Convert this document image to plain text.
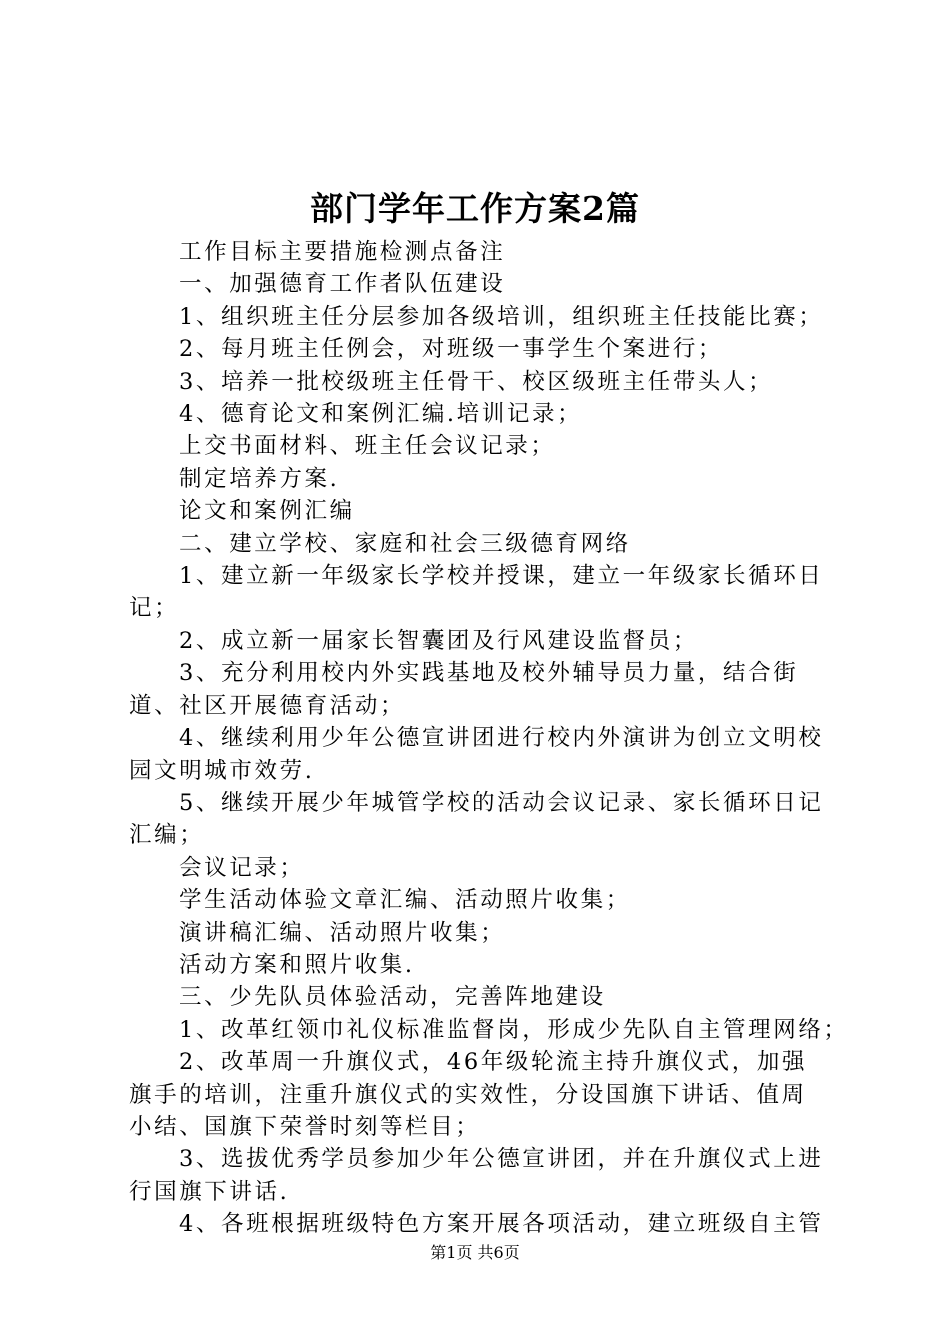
部门学年工作方案2篇

工作目标主要措施检测点备注

一、加强德育工作者队伍建设

1、组织班主任分层参加各级培训，组织班主任技能比赛；

2、每月班主任例会，对班级一事学生个案进行；

3、培养一批校级班主任骨干、校区级班主任带头人；

4、德育论文和案例汇编.培训记录；

上交书面材料、班主任会议记录；

制定培养方案.

论文和案例汇编

二、建立学校、家庭和社会三级德育网络

1、建立新一年级家长学校并授课，建立一年级家长循环日记；

2、成立新一届家长智囊团及行风建设监督员；

3、充分利用校内外实践基地及校外辅导员力量，结合街道、社区开展德育活动；

4、继续利用少年公德宣讲团进行校内外演讲为创立文明校园文明城市效劳.

5、继续开展少年城管学校的活动会议记录、家长循环日记汇编；

会议记录；

学生活动体验文章汇编、活动照片收集；

演讲稿汇编、活动照片收集；

活动方案和照片收集.

三、少先队员体验活动，完善阵地建设

1、改革红领巾礼仪标准监督岗，形成少先队自主管理网络；

2、改革周一升旗仪式，46年级轮流主持升旗仪式，加强旗手的培训，注重升旗仪式的实效性，分设国旗下讲话、值周小结、国旗下荣誉时刻等栏目；

3、选拔优秀学员参加少年公德宣讲团，并在升旗仪式上进行国旗下讲话.

4、各班根据班级特色方案开展各项活动，建立班级自主管

第1页 共6页
